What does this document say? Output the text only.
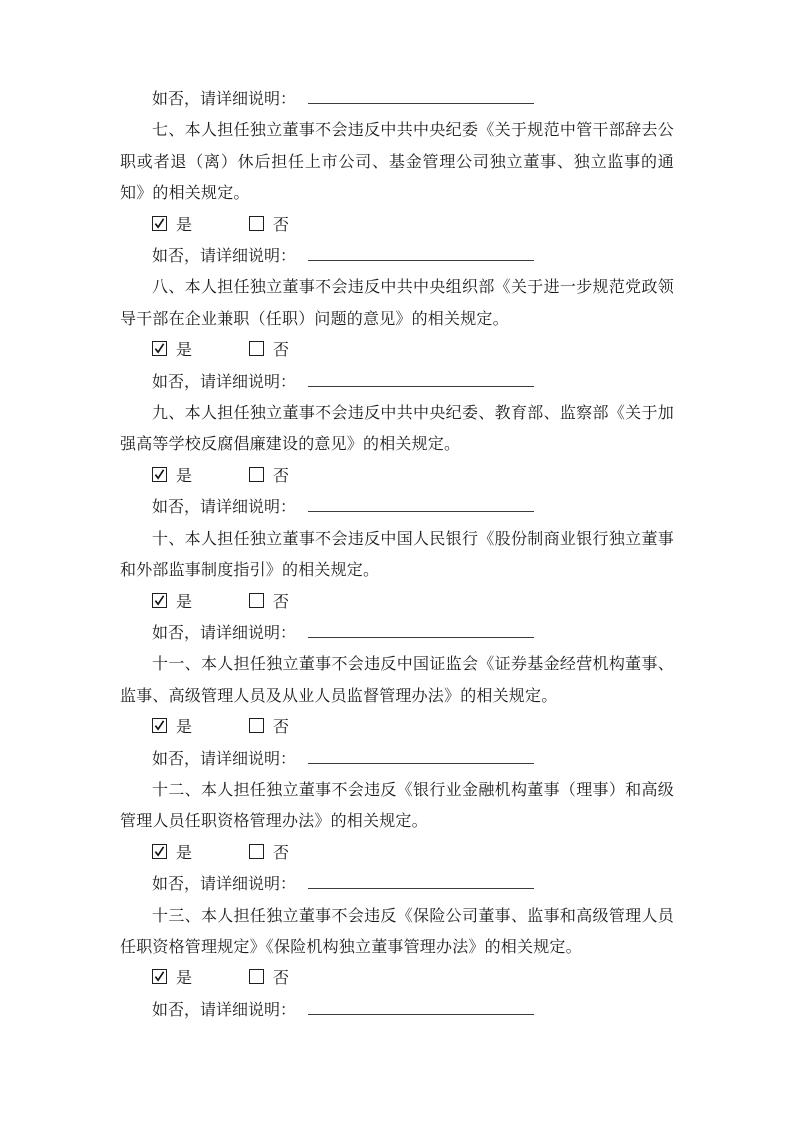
如否，请详细说明：

七、本人担任独立董事不会违反中共中央纪委《关于规范中管干部辞去公职或者退（离）休后担任上市公司、基金管理公司独立董事、独立监事的通知》的相关规定。

是	否
如否，请详细说明：

八、本人担任独立董事不会违反中共中央组织部《关于进一步规范党政领导干部在企业兼职（任职）问题的意见》的相关规定。

是	否
如否，请详细说明：

九、本人担任独立董事不会违反中共中央纪委、教育部、监察部《关于加强高等学校反腐倡廉建设的意见》的相关规定。

是	否
如否，请详细说明：

十、本人担任独立董事不会违反中国人民银行《股份制商业银行独立董事和外部监事制度指引》的相关规定。

是	否
如否，请详细说明：

十一、本人担任独立董事不会违反中国证监会《证券基金经营机构董事、监事、高级管理人员及从业人员监督管理办法》的相关规定。

是	否
如否，请详细说明：

十二、本人担任独立董事不会违反《银行业金融机构董事（理事）和高级管理人员任职资格管理办法》的相关规定。

是	否
如否，请详细说明：

十三、本人担任独立董事不会违反《保险公司董事、监事和高级管理人员任职资格管理规定》《保险机构独立董事管理办法》的相关规定。

是	否
如否，请详细说明：
